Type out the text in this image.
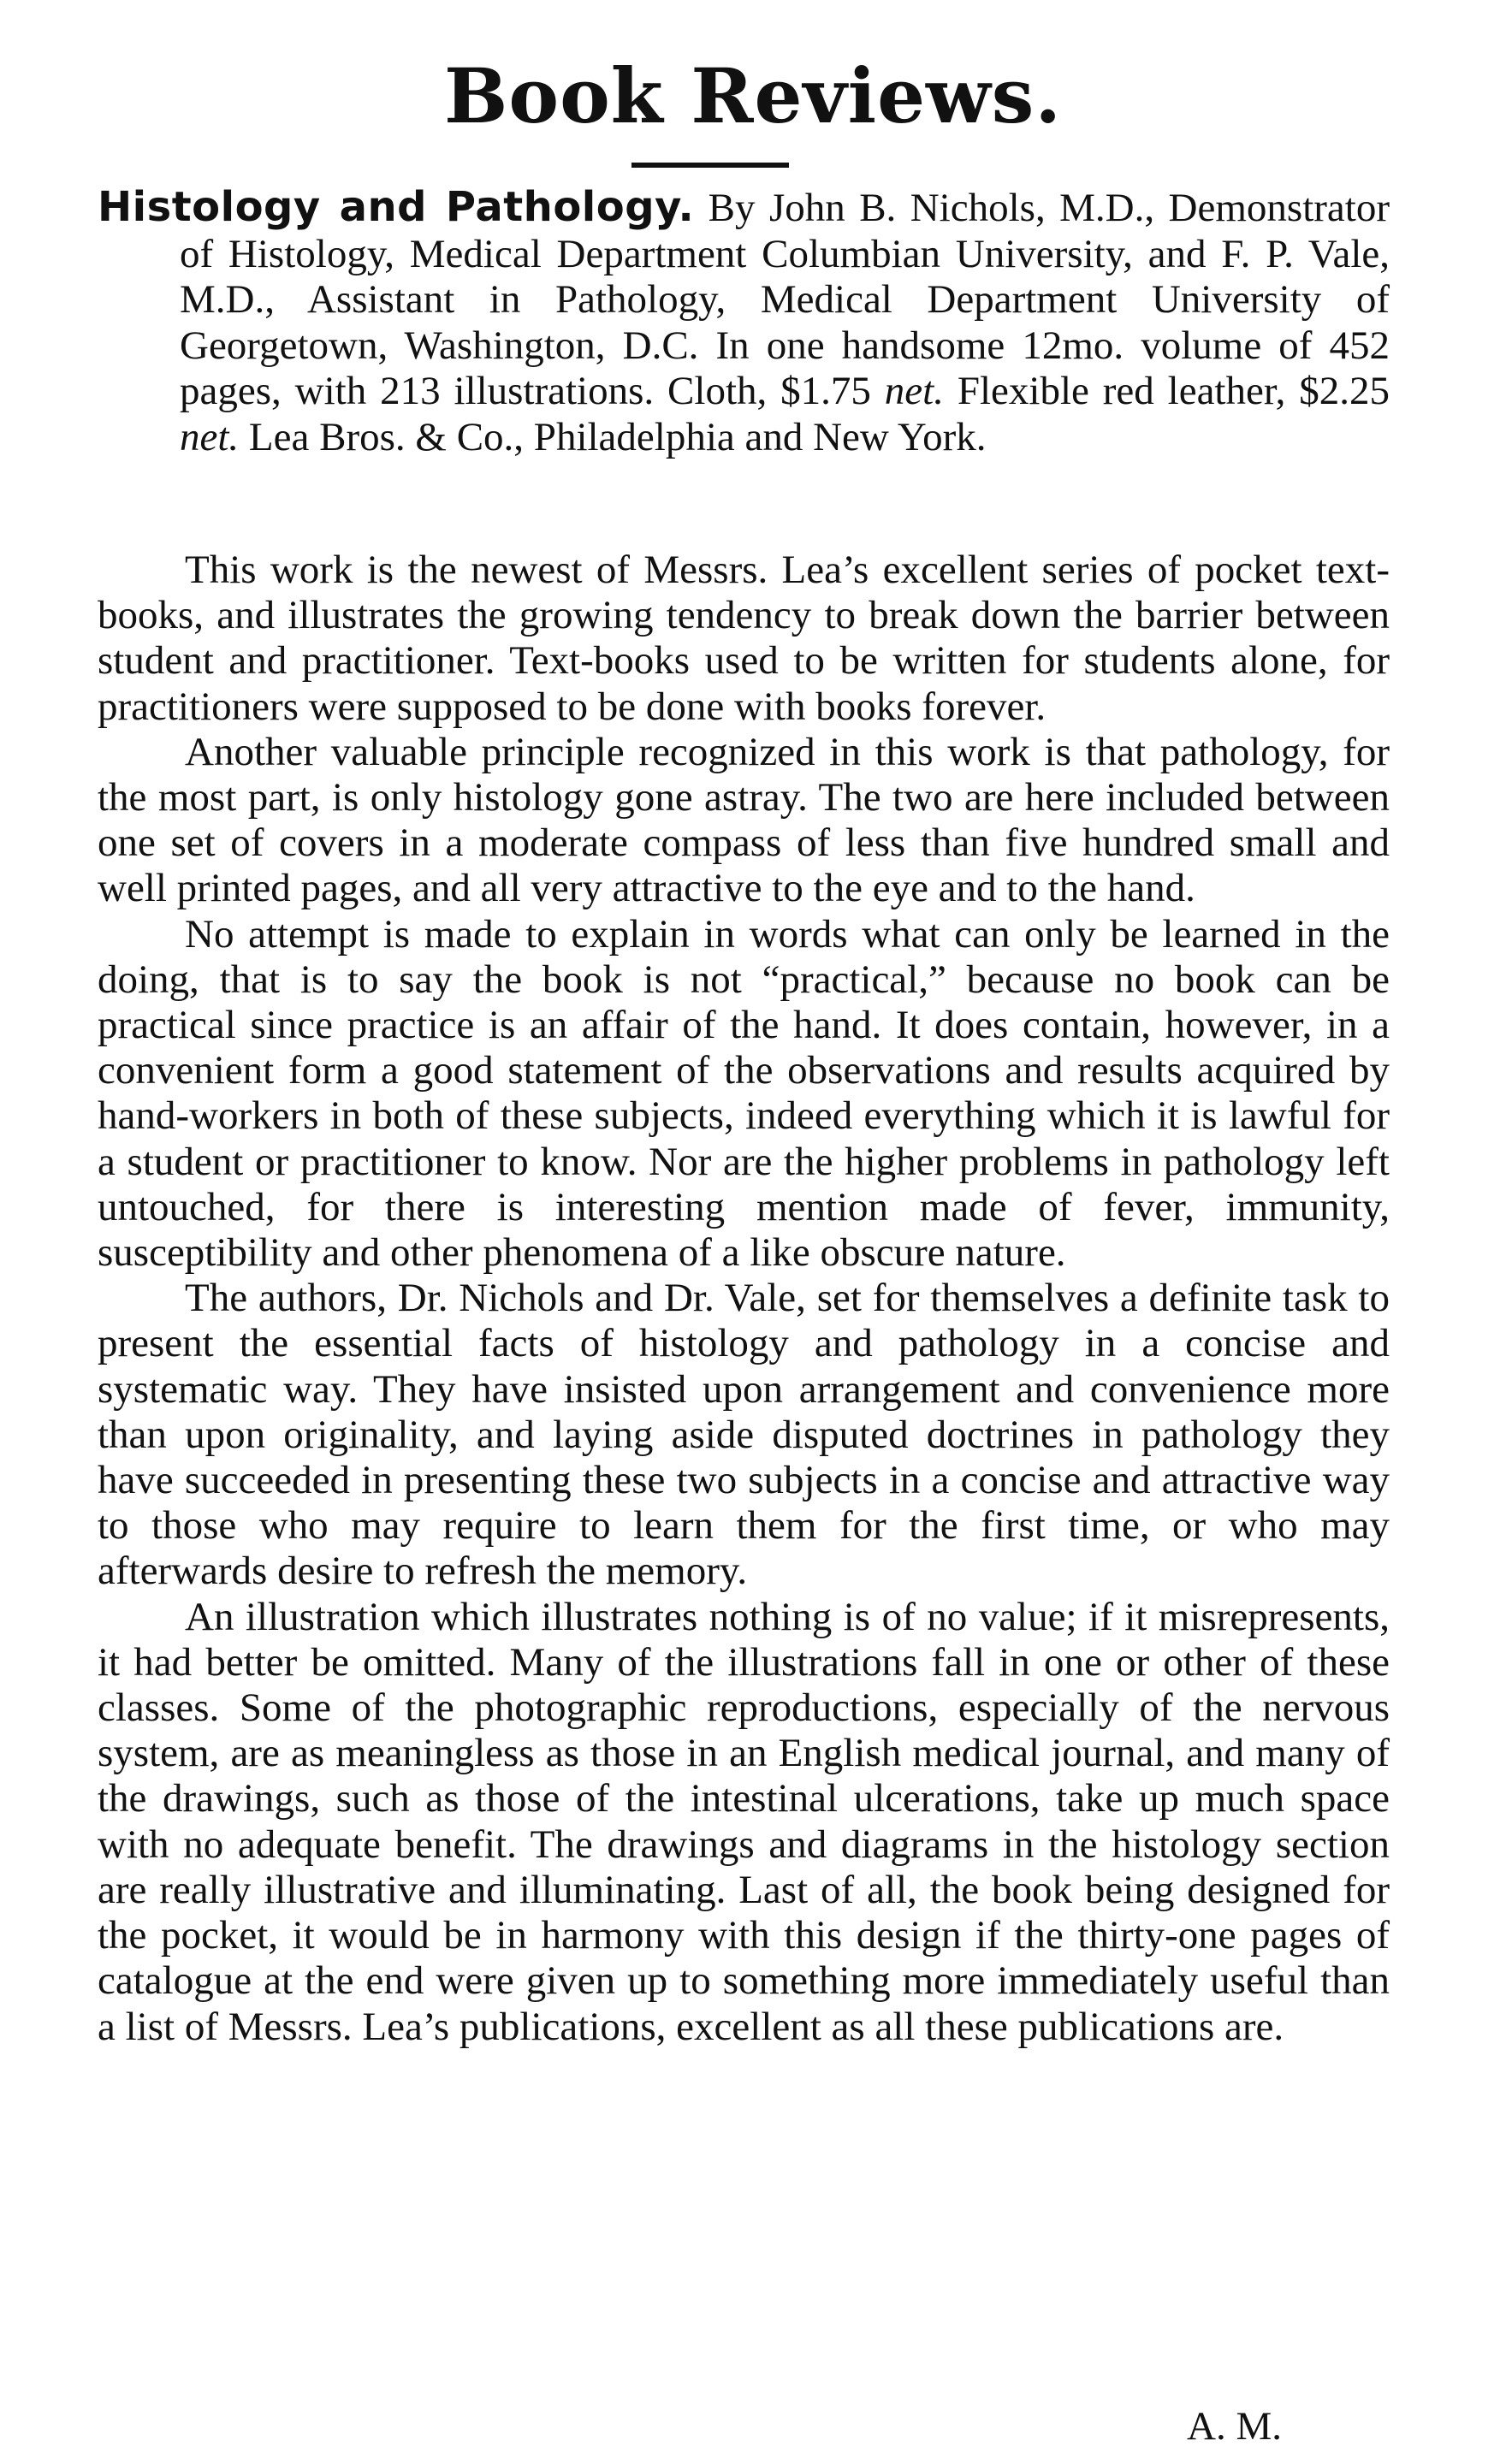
Book Reviews.

Histology and Pathology. By John B. Nichols, M.D., Demonstrator of Histology, Medical Department Columbian University, and F. P. Vale, M.D., Assistant in Pathology, Medical Department University of Georgetown, Washington, D.C. In one handsome 12mo. volume of 452 pages, with 213 illustrations. Cloth, $1.75 net. Flexible red leather, $2.25 net. Lea Bros. & Co., Philadelphia and New York.

This work is the newest of Messrs. Lea’s excellent series of pocket text-books, and illustrates the growing tendency to break down the barrier between student and practitioner. Text-books used to be written for students alone, for practitioners were supposed to be done with books forever.

Another valuable principle recognized in this work is that pathology, for the most part, is only histology gone astray. The two are here included between one set of covers in a moderate compass of less than five hundred small and well printed pages, and all very attractive to the eye and to the hand.

No attempt is made to explain in words what can only be learned in the doing, that is to say the book is not “practical,” because no book can be practical since practice is an affair of the hand. It does contain, however, in a convenient form a good statement of the observations and results acquired by hand-workers in both of these subjects, indeed everything which it is lawful for a student or practitioner to know. Nor are the higher problems in pathology left untouched, for there is interesting mention made of fever, immunity, susceptibility and other phenomena of a like obscure nature.

The authors, Dr. Nichols and Dr. Vale, set for themselves a definite task to present the essential facts of histology and pathology in a concise and systematic way. They have insisted upon arrangement and convenience more than upon originality, and laying aside disputed doctrines in pathology they have succeeded in presenting these two subjects in a concise and attractive way to those who may require to learn them for the first time, or who may afterwards desire to refresh the memory.

An illustration which illustrates nothing is of no value; if it misrepresents, it had better be omitted. Many of the illustrations fall in one or other of these classes. Some of the photographic reproductions, especially of the nervous system, are as meaningless as those in an English medical journal, and many of the drawings, such as those of the intestinal ulcerations, take up much space with no adequate benefit. The drawings and diagrams in the histology section are really illustrative and illuminating. Last of all, the book being designed for the pocket, it would be in harmony with this design if the thirty-one pages of catalogue at the end were given up to something more immediately useful than a list of Messrs. Lea’s publications, excellent as all these publications are.

A. M.
